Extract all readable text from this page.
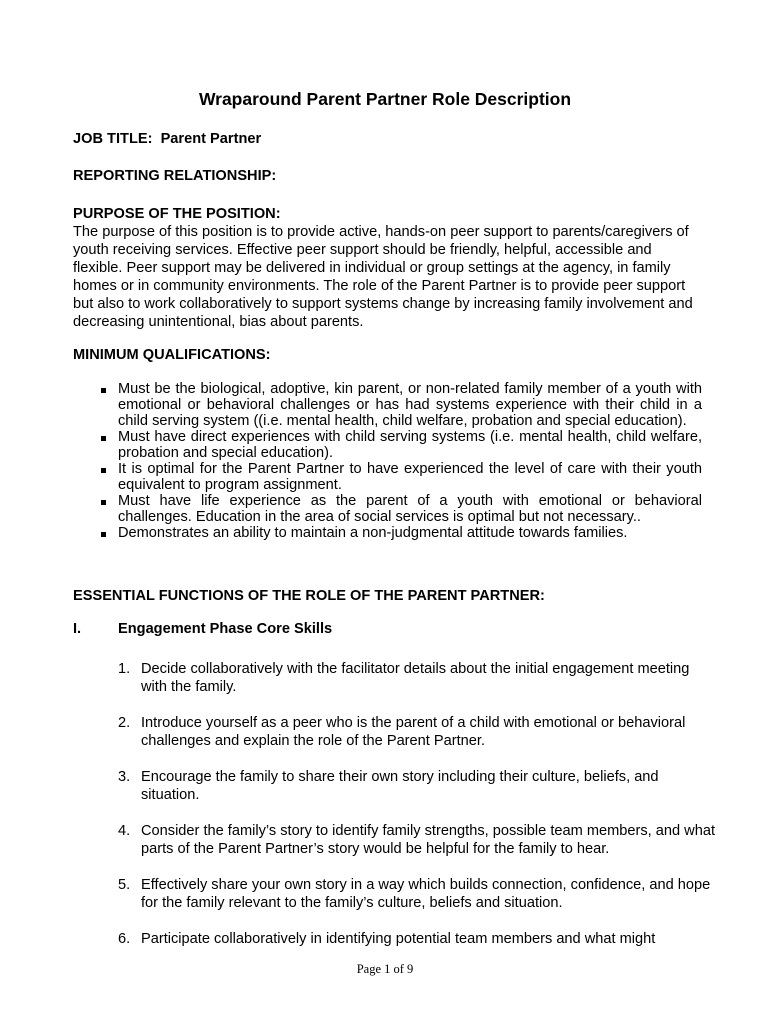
Wraparound Parent Partner Role Description
JOB TITLE: Parent Partner
REPORTING RELATIONSHIP:
PURPOSE OF THE POSITION:
The purpose of this position is to provide active, hands-on peer support to parents/caregivers of youth receiving services. Effective peer support should be friendly, helpful, accessible and flexible. Peer support may be delivered in individual or group settings at the agency, in family homes or in community environments. The role of the Parent Partner is to provide peer support but also to work collaboratively to support systems change by increasing family involvement and decreasing unintentional, bias about parents.
MINIMUM QUALIFICATIONS:
Must be the biological, adoptive, kin parent, or non-related family member of a youth with emotional or behavioral challenges or has had systems experience with their child in a child serving system ((i.e. mental health, child welfare, probation and special education).
Must have direct experiences with child serving systems (i.e. mental health, child welfare, probation and special education).
It is optimal for the Parent Partner to have experienced the level of care with their youth equivalent to program assignment.
Must have life experience as the parent of a youth with emotional or behavioral challenges. Education in the area of social services is optimal but not necessary..
Demonstrates an ability to maintain a non-judgmental attitude towards families.
ESSENTIAL FUNCTIONS OF THE ROLE OF THE PARENT PARTNER:
I.	Engagement Phase Core Skills
1. Decide collaboratively with the facilitator details about the initial engagement meeting with the family.
2. Introduce yourself as a peer who is the parent of a child with emotional or behavioral challenges and explain the role of the Parent Partner.
3. Encourage the family to share their own story including their culture, beliefs, and situation.
4. Consider the family’s story to identify family strengths, possible team members, and what parts of the Parent Partner’s story would be helpful for the family to hear.
5. Effectively share your own story in a way which builds connection, confidence, and hope for the family relevant to the family’s culture, beliefs and situation.
6. Participate collaboratively in identifying potential team members and what might
Page 1 of 9
